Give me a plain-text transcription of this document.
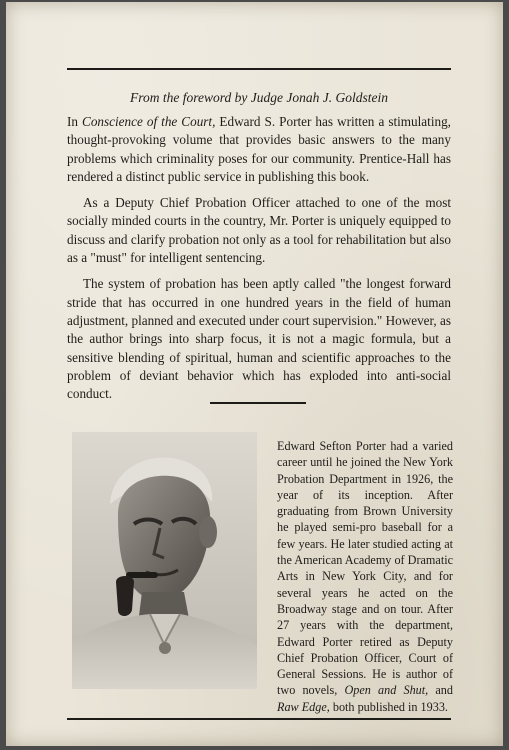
From the foreword by Judge Jonah J. Goldstein

In Conscience of the Court, Edward S. Porter has written a stimulating, thought-provoking volume that provides basic answers to the many problems which criminality poses for our community. Prentice-Hall has rendered a distinct public service in publishing this book.

As a Deputy Chief Probation Officer attached to one of the most socially minded courts in the country, Mr. Porter is uniquely equipped to discuss and clarify probation not only as a tool for rehabilitation but also as a "must" for intelligent sentencing.

The system of probation has been aptly called "the longest forward stride that has occurred in one hundred years in the field of human adjustment, planned and executed under court supervision." However, as the author brings into sharp focus, it is not a magic formula, but a sensitive blending of spiritual, human and scientific approaches to the problem of deviant behavior which has exploded into anti-social conduct.

Edward Sefton Porter had a varied career until he joined the New York Probation Department in 1926, the year of its inception. After graduating from Brown University he played semi-pro baseball for a few years. He later studied acting at the American Academy of Dramatic Arts in New York City, and for several years he acted on the Broadway stage and on tour. After 27 years with the department, Edward Porter retired as Deputy Chief Probation Officer, Court of General Sessions. He is author of two novels, Open and Shut, and Raw Edge, both published in 1933.
